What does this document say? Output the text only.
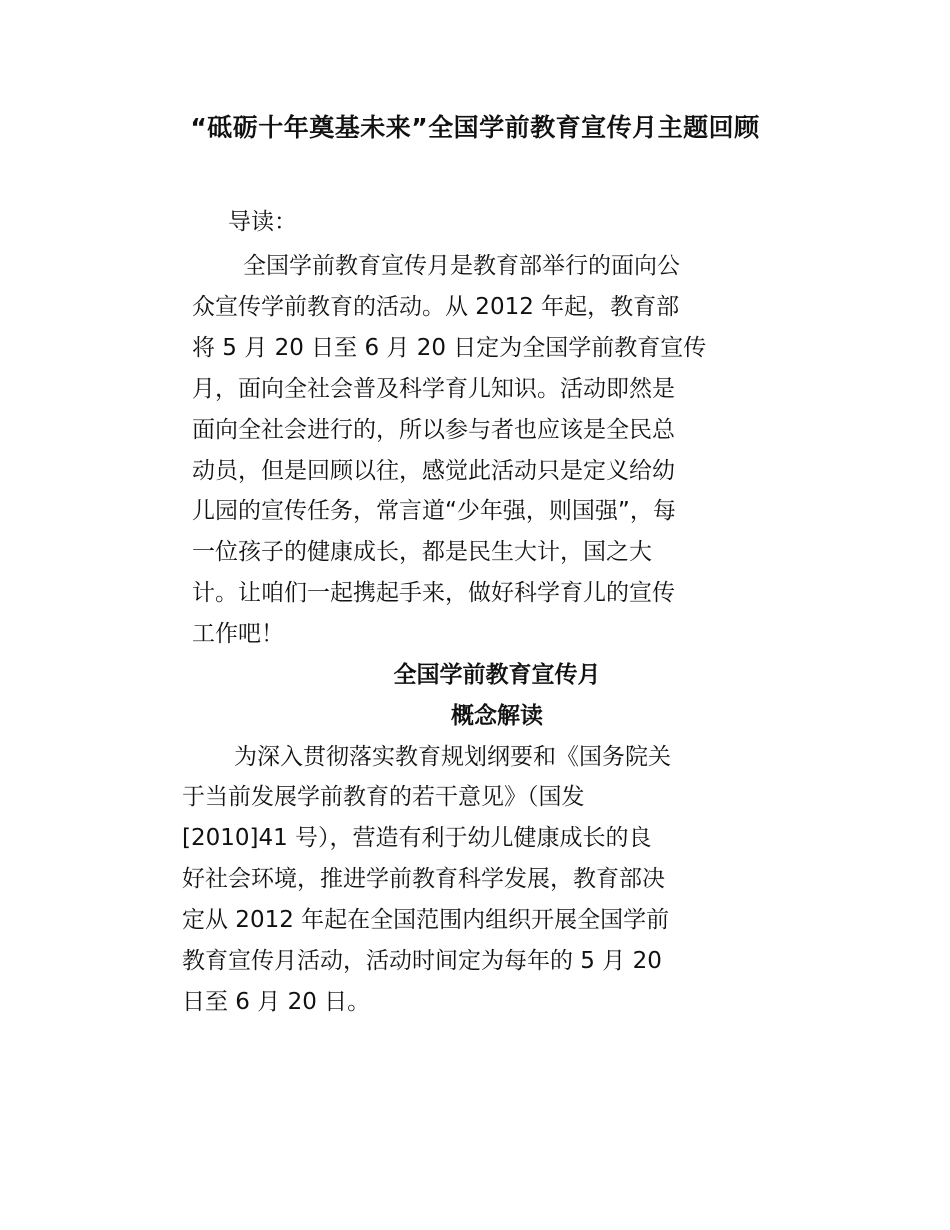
“砥砺十年奠基未来”全国学前教育宣传月主题回顾
导读：
全国学前教育宣传月是教育部举行的面向公
众宣传学前教育的活动。从 2012 年起，教育部
将 5 月 20 日至 6 月 20 日定为全国学前教育宣传
月，面向全社会普及科学育儿知识。活动即然是
面向全社会进行的，所以参与者也应该是全民总
动员，但是回顾以往，感觉此活动只是定义给幼
儿园的宣传任务，常言道“少年强，则国强”，每
一位孩子的健康成长，都是民生大计，国之大
计。让咱们一起携起手来，做好科学育儿的宣传
工作吧！
全国学前教育宣传月
概念解读
为深入贯彻落实教育规划纲要和《国务院关
于当前发展学前教育的若干意见》（国发
[2010]41 号），营造有利于幼儿健康成长的良
好社会环境，推进学前教育科学发展，教育部决
定从 2012 年起在全国范围内组织开展全国学前
教育宣传月活动，活动时间定为每年的 5 月 20
日至 6 月 20 日。
